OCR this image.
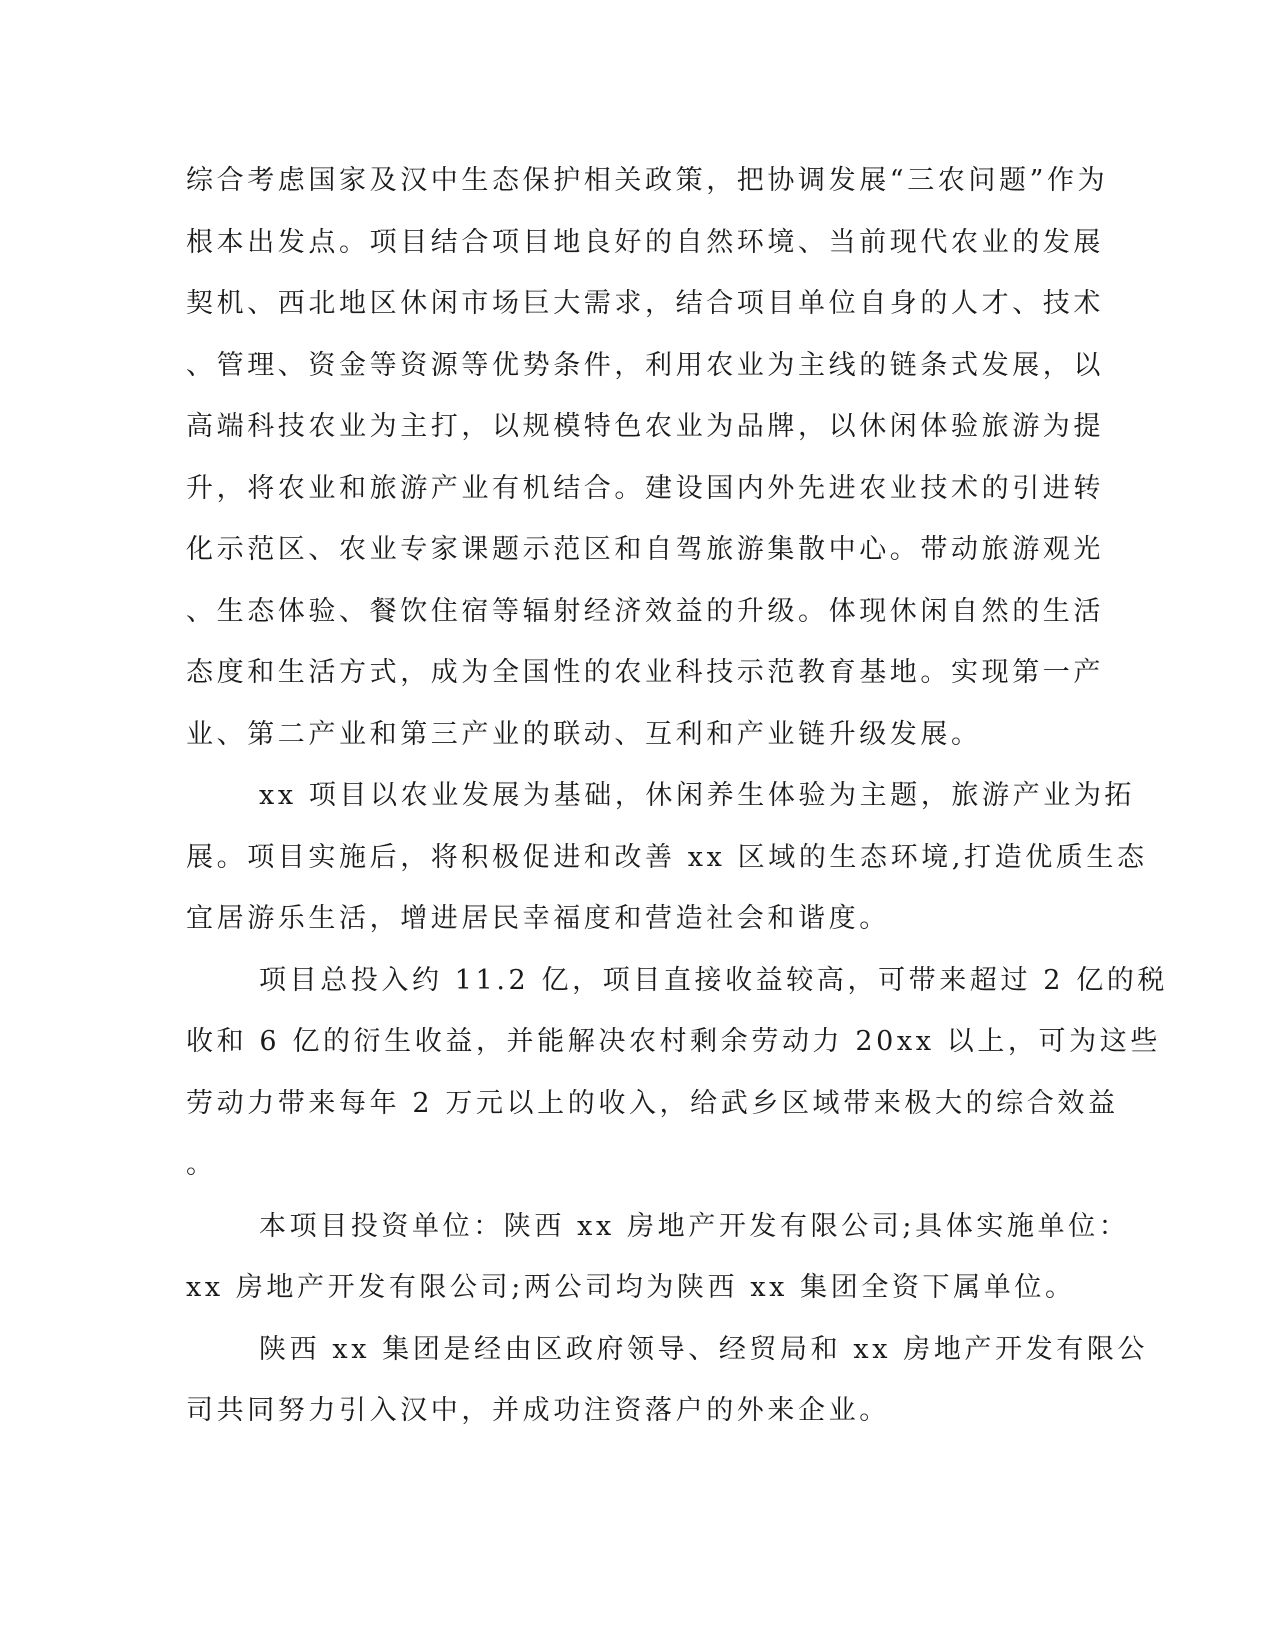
综合考虑国家及汉中生态保护相关政策，把协调发展“三农问题”作为
根本出发点。项目结合项目地良好的自然环境、当前现代农业的发展
契机、西北地区休闲市场巨大需求，结合项目单位自身的人才、技术
、管理、资金等资源等优势条件，利用农业为主线的链条式发展，以
高端科技农业为主打，以规模特色农业为品牌，以休闲体验旅游为提
升，将农业和旅游产业有机结合。建设国内外先进农业技术的引进转
化示范区、农业专家课题示范区和自驾旅游集散中心。带动旅游观光
、生态体验、餐饮住宿等辐射经济效益的升级。体现休闲自然的生活
态度和生活方式，成为全国性的农业科技示范教育基地。实现第一产
业、第二产业和第三产业的联动、互利和产业链升级发展。
xx 项目以农业发展为基础，休闲养生体验为主题，旅游产业为拓
展。项目实施后，将积极促进和改善 xx 区域的生态环境,打造优质生态
宜居游乐生活，增进居民幸福度和营造社会和谐度。
项目总投入约 11.2 亿，项目直接收益较高，可带来超过 2 亿的税
收和 6 亿的衍生收益，并能解决农村剩余劳动力 20xx 以上，可为这些
劳动力带来每年 2 万元以上的收入，给武乡区域带来极大的综合效益
。
本项目投资单位：陕西 xx 房地产开发有限公司;具体实施单位：
xx 房地产开发有限公司;两公司均为陕西 xx 集团全资下属单位。
陕西 xx 集团是经由区政府领导、经贸局和 xx 房地产开发有限公
司共同努力引入汉中，并成功注资落户的外来企业。
